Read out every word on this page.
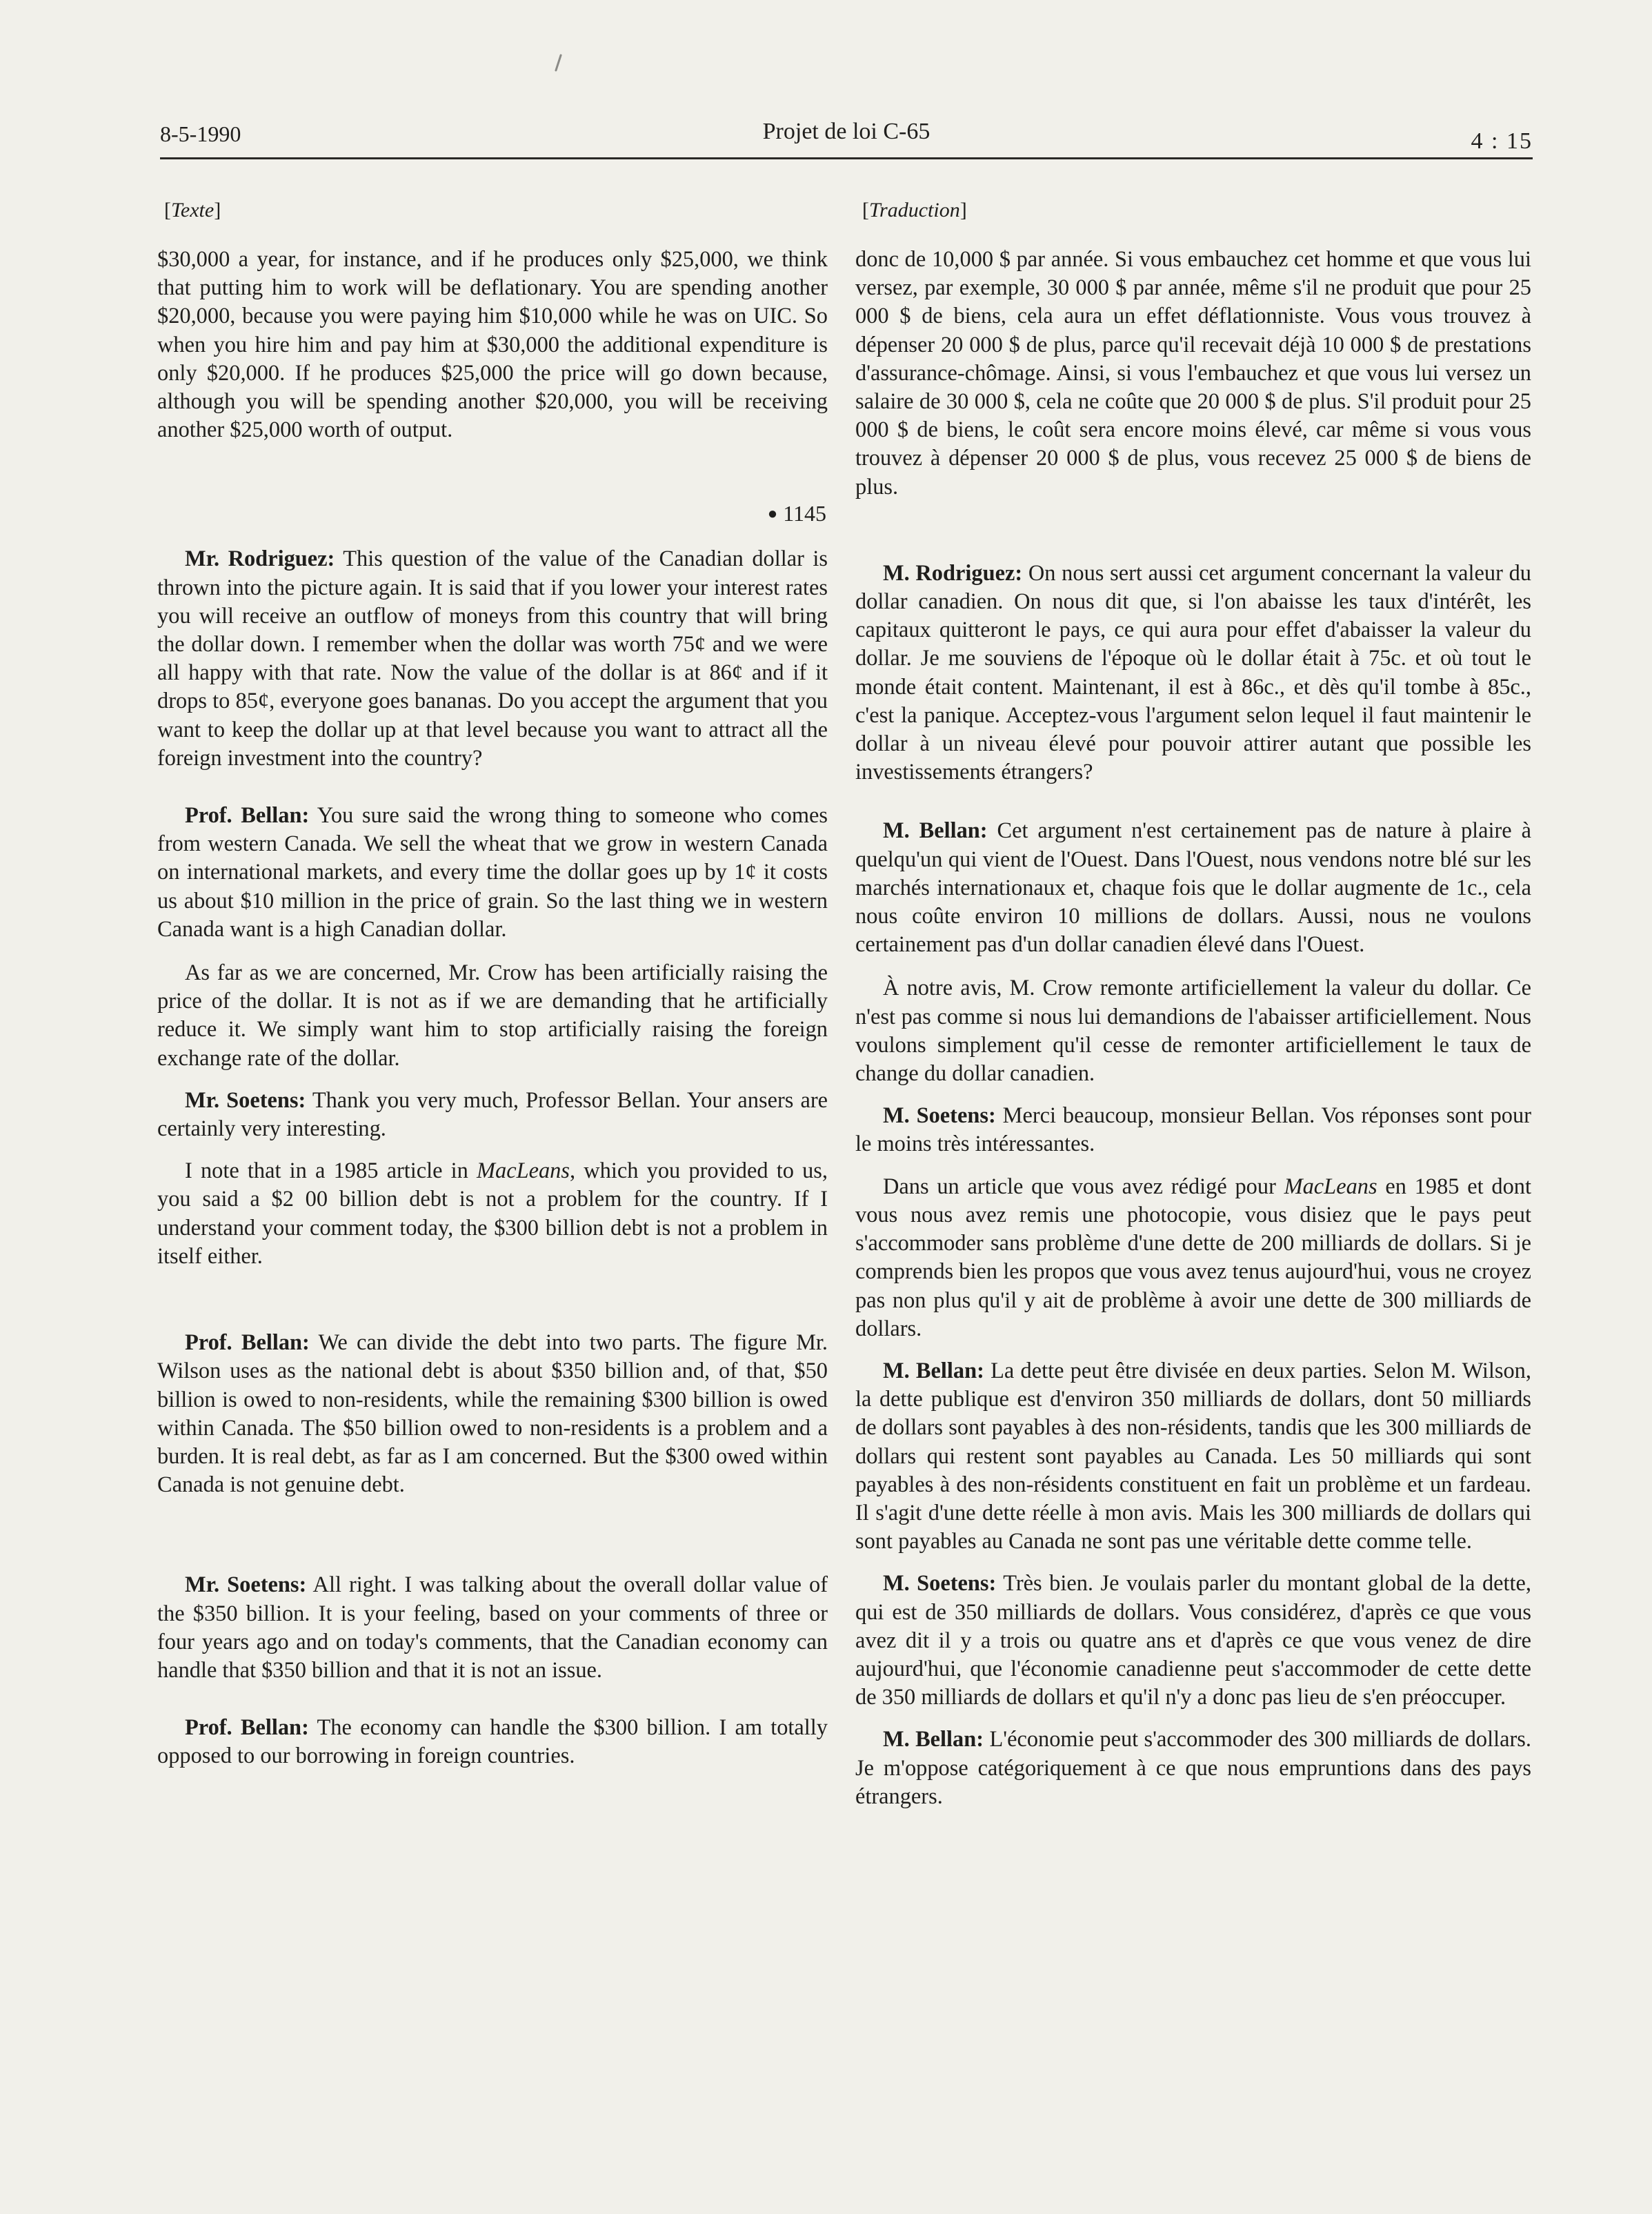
8-5-1990	Projet de loi C-65	4 : 15
[Texte]

$30,000 a year, for instance, and if he produces only $25,000, we think that putting him to work will be deflationary. You are spending another $20,000, because you were paying him $10,000 while he was on UIC. So when you hire him and pay him at $30,000 the additional expenditure is only $20,000. If he produces $25,000 the price will go down because, although you will be spending another $20,000, you will be receiving another $25,000 worth of output.

● 1145

Mr. Rodriguez: This question of the value of the Canadian dollar is thrown into the picture again. It is said that if you lower your interest rates you will receive an outflow of moneys from this country that will bring the dollar down. I remember when the dollar was worth 75¢ and we were all happy with that rate. Now the value of the dollar is at 86¢ and if it drops to 85¢, everyone goes bananas. Do you accept the argument that you want to keep the dollar up at that level because you want to attract all the foreign investment into the country?

Prof. Bellan: You sure said the wrong thing to someone who comes from western Canada. We sell the wheat that we grow in western Canada on international markets, and every time the dollar goes up by 1¢ it costs us about $10 million in the price of grain. So the last thing we in western Canada want is a high Canadian dollar.

As far as we are concerned, Mr. Crow has been artificially raising the price of the dollar. It is not as if we are demanding that he artificially reduce it. We simply want him to stop artificially raising the foreign exchange rate of the dollar.

Mr. Soetens: Thank you very much, Professor Bellan. Your ansers are certainly very interesting.

I note that in a 1985 article in MacLeans, which you provided to us, you said a $2 00 billion debt is not a problem for the country. If I understand your comment today, the $300 billion debt is not a problem in itself either.

Prof. Bellan: We can divide the debt into two parts. The figure Mr. Wilson uses as the national debt is about $350 billion and, of that, $50 billion is owed to non-residents, while the remaining $300 billion is owed within Canada. The $50 billion owed to non-residents is a problem and a burden. It is real debt, as far as I am concerned. But the $300 owed within Canada is not genuine debt.

Mr. Soetens: All right. I was talking about the overall dollar value of the $350 billion. It is your feeling, based on your comments of three or four years ago and on today's comments, that the Canadian economy can handle that $350 billion and that it is not an issue.

Prof. Bellan: The economy can handle the $300 billion. I am totally opposed to our borrowing in foreign countries.

[Traduction]

donc de 10,000 $ par année. Si vous embauchez cet homme et que vous lui versez, par exemple, 30 000 $ par année, même s'il ne produit que pour 25 000 $ de biens, cela aura un effet déflationniste. Vous vous trouvez à dépenser 20 000 $ de plus, parce qu'il recevait déjà 10 000 $ de prestations d'assurance-chômage. Ainsi, si vous l'embauchez et que vous lui versez un salaire de 30 000 $, cela ne coûte que 20 000 $ de plus. S'il produit pour 25 000 $ de biens, le coût sera encore moins élevé, car même si vous vous trouvez à dépenser 20 000 $ de plus, vous recevez 25 000 $ de biens de plus.

M. Rodriguez: On nous sert aussi cet argument concernant la valeur du dollar canadien. On nous dit que, si l'on abaisse les taux d'intérêt, les capitaux quitteront le pays, ce qui aura pour effet d'abaisser la valeur du dollar. Je me souviens de l'époque où le dollar était à 75c. et où tout le monde était content. Maintenant, il est à 86c., et dès qu'il tombe à 85c., c'est la panique. Acceptez-vous l'argument selon lequel il faut maintenir le dollar à un niveau élevé pour pouvoir attirer autant que possible les investissements étrangers?

M. Bellan: Cet argument n'est certainement pas de nature à plaire à quelqu'un qui vient de l'Ouest. Dans l'Ouest, nous vendons notre blé sur les marchés internationaux et, chaque fois que le dollar augmente de 1c., cela nous coûte environ 10 millions de dollars. Aussi, nous ne voulons certainement pas d'un dollar canadien élevé dans l'Ouest.

À notre avis, M. Crow remonte artificiellement la valeur du dollar. Ce n'est pas comme si nous lui demandions de l'abaisser artificiellement. Nous voulons simplement qu'il cesse de remonter artificiellement le taux de change du dollar canadien.

M. Soetens: Merci beaucoup, monsieur Bellan. Vos réponses sont pour le moins très intéressantes.

Dans un article que vous avez rédigé pour MacLeans en 1985 et dont vous nous avez remis une photocopie, vous disiez que le pays peut s'accommoder sans problème d'une dette de 200 milliards de dollars. Si je comprends bien les propos que vous avez tenus aujourd'hui, vous ne croyez pas non plus qu'il y ait de problème à avoir une dette de 300 milliards de dollars.

M. Bellan: La dette peut être divisée en deux parties. Selon M. Wilson, la dette publique est d'environ 350 milliards de dollars, dont 50 milliards de dollars sont payables à des non-résidents, tandis que les 300 milliards de dollars qui restent sont payables au Canada. Les 50 milliards qui sont payables à des non-résidents constituent en fait un problème et un fardeau. Il s'agit d'une dette réelle à mon avis. Mais les 300 milliards de dollars qui sont payables au Canada ne sont pas une véritable dette comme telle.

M. Soetens: Très bien. Je voulais parler du montant global de la dette, qui est de 350 milliards de dollars. Vous considérez, d'après ce que vous avez dit il y a trois ou quatre ans et d'après ce que vous venez de dire aujourd'hui, que l'économie canadienne peut s'accommoder de cette dette de 350 milliards de dollars et qu'il n'y a donc pas lieu de s'en préoccuper.

M. Bellan: L'économie peut s'accommoder des 300 milliards de dollars. Je m'oppose catégoriquement à ce que nous empruntions dans des pays étrangers.
